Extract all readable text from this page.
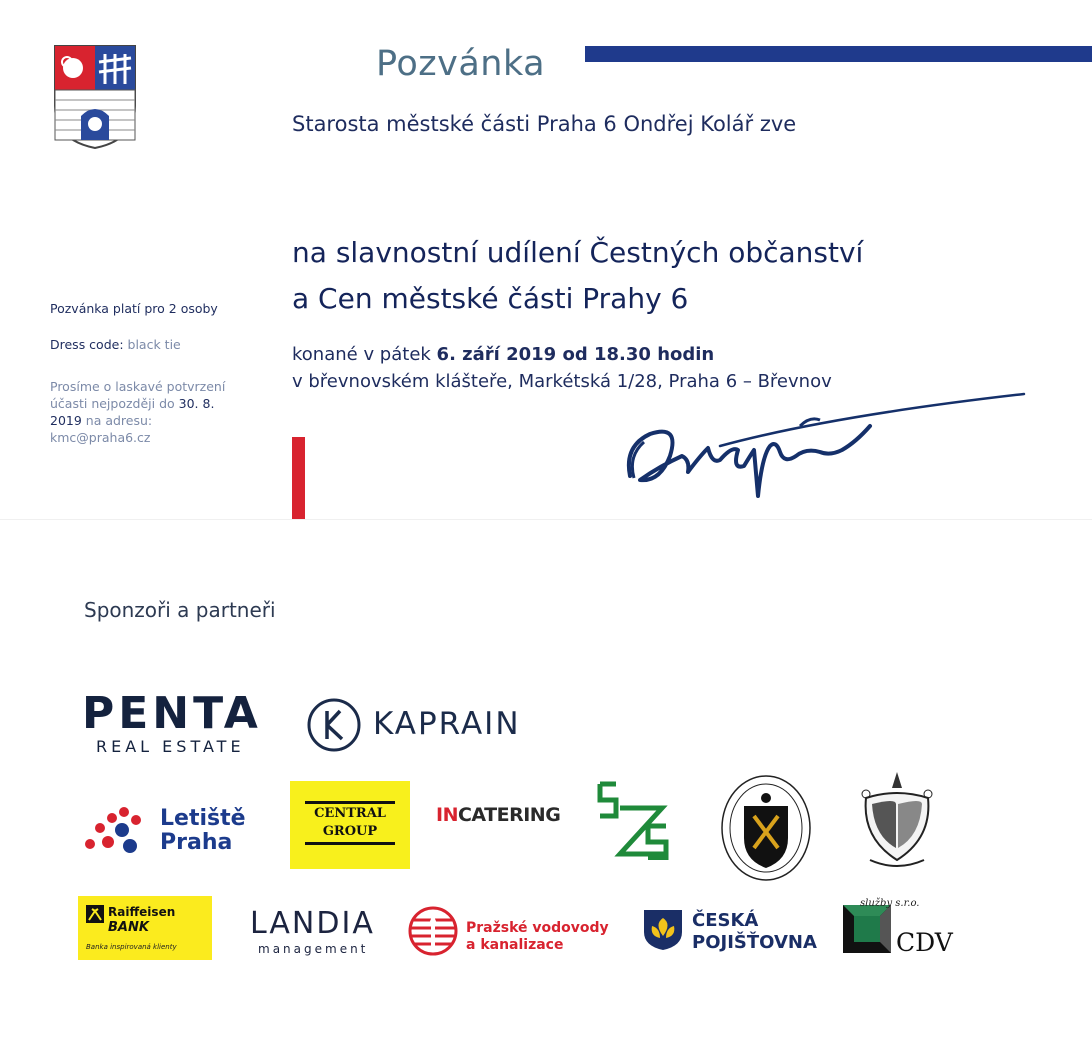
Pozvánka
Starosta městské části Praha 6 Ondřej Kolář zve
na slavnostní udílení Čestných občanství
a Cen městské části Prahy 6
konané v pátek 6. září 2019 od 18.30 hodin
v břevnovském klášteře, Markétská 1/28, Praha 6 – Břevnov
Pozvánka platí pro 2 osoby
Dress code: black tie
Prosíme o laskavé potvrzení účasti nejpozději do 30. 8. 2019 na adresu: kmc@praha6.cz
Sponzoři a partneři
PENTA
REAL ESTATE
KAPRAIN
Letiště
Praha
CENTRAL
GROUP
INCATERING
Raiffeisen
BANK
Banka inspirovaná klienty
LANDIA
management
Pražské vodovody
a kanalizace
ČESKÁ
POJIŠŤOVNA
služby s.r.o.
CDV
